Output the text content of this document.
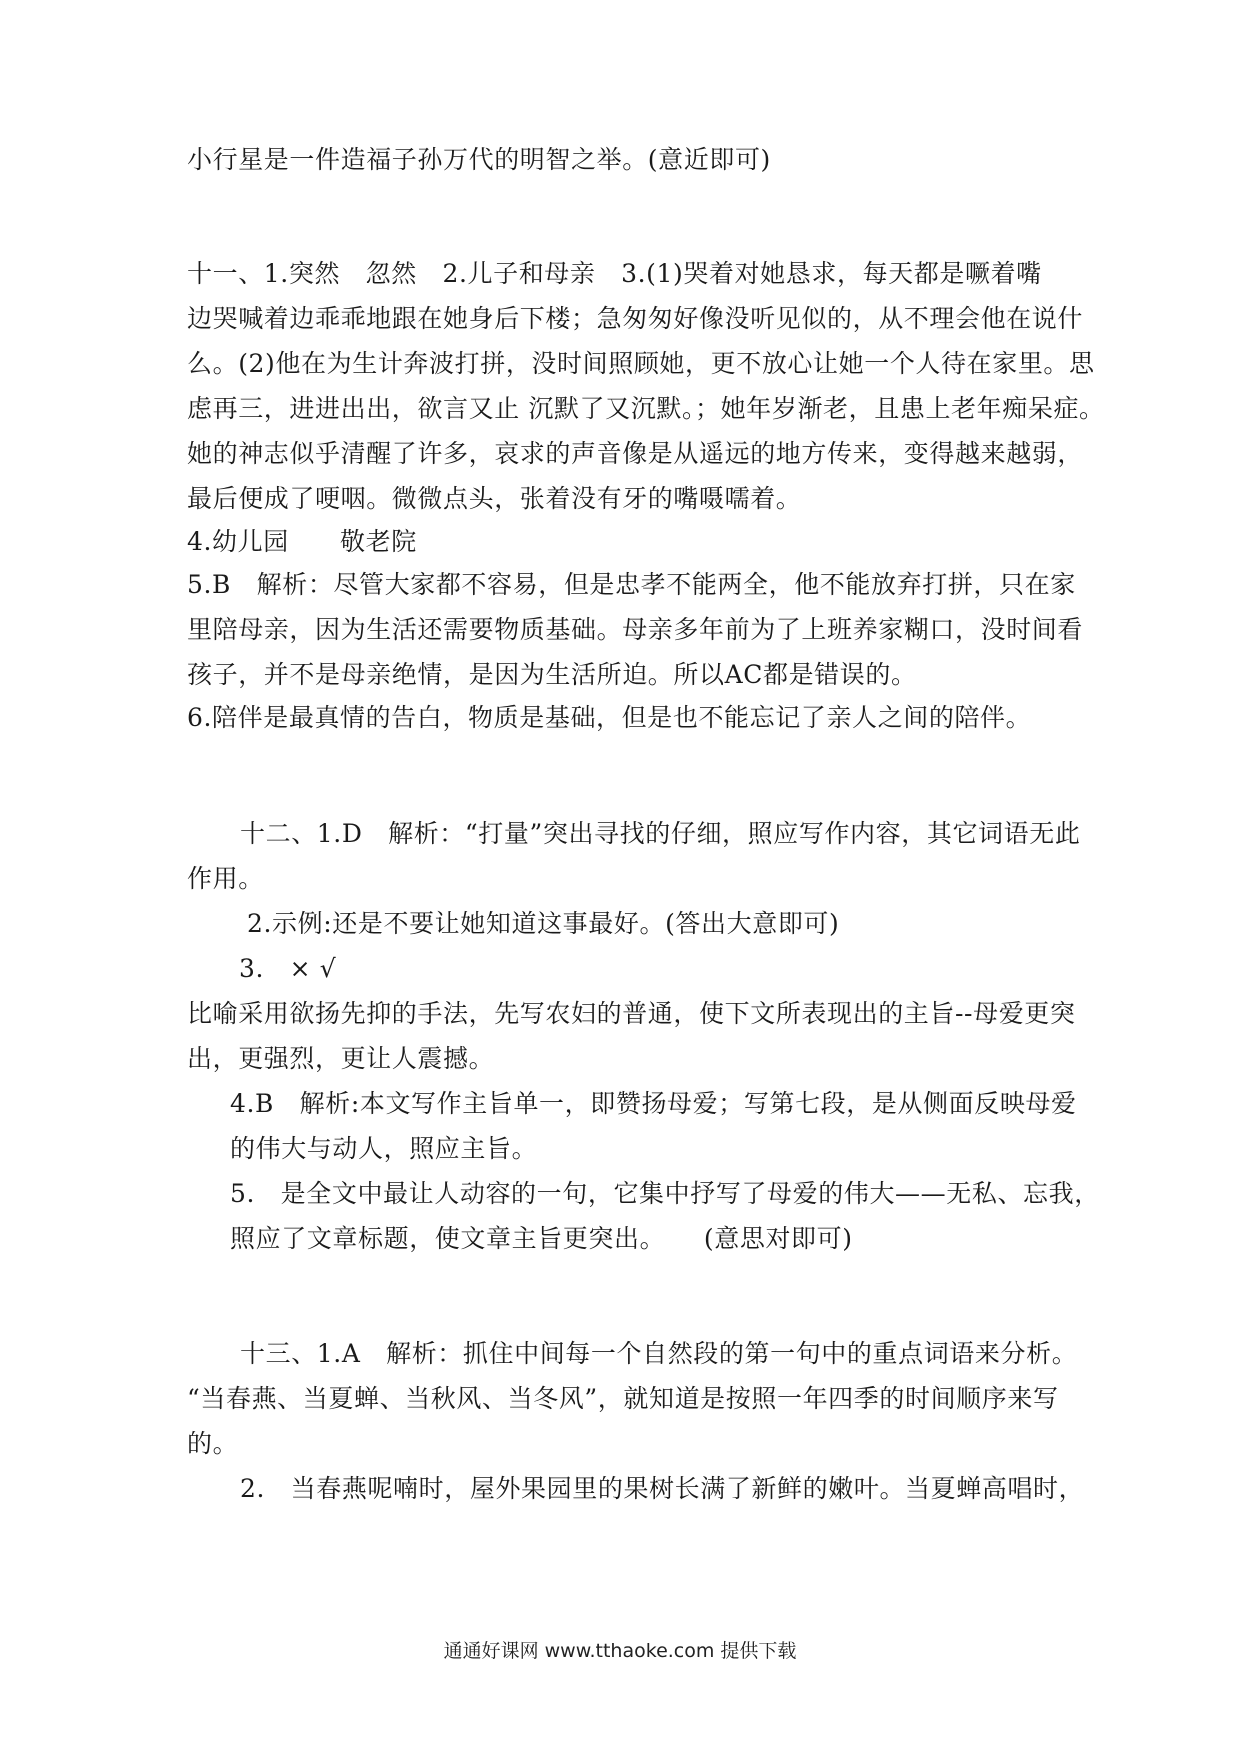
小行星是一件造福子孙万代的明智之举。(意近即可)
十一、1.突然　忽然　2.儿子和母亲　3.(1)哭着对她恳求，每天都是噘着嘴
边哭喊着边乖乖地跟在她身后下楼；急匆匆好像没听见似的，从不理会他在说什
么。(2)他在为生计奔波打拼，没时间照顾她，更不放心让她一个人待在家里。思
虑再三，进进出出，欲言又止 沉默了又沉默。；她年岁渐老，且患上老年痴呆症。
她的神志似乎清醒了许多，哀求的声音像是从遥远的地方传来，变得越来越弱，
最后便成了哽咽。微微点头，张着没有牙的嘴嗫嚅着。
4.幼儿园　　敬老院
5.B　解析：尽管大家都不容易，但是忠孝不能两全，他不能放弃打拼，只在家
里陪母亲，因为生活还需要物质基础。母亲多年前为了上班养家糊口，没时间看
孩子，并不是母亲绝情，是因为生活所迫。所以AC都是错误的。
6.陪伴是最真情的告白，物质是基础，但是也不能忘记了亲人之间的陪伴。
十二、1.D　解析：“打量”突出寻找的仔细，照应写作内容，其它词语无此
作用。
2.示例:还是不要让她知道这事最好。(答出大意即可)
3.　× √
比喻采用欲扬先抑的手法，先写农妇的普通，使下文所表现出的主旨--母爱更突
出，更强烈，更让人震撼。
4.B　解析:本文写作主旨单一，即赞扬母爱；写第七段，是从侧面反映母爱
的伟大与动人，照应主旨。
5.　是全文中最让人动容的一句，它集中抒写了母爱的伟大——无私、忘我，
照应了文章标题，使文章主旨更突出。　　(意思对即可)
十三、1.A　解析：抓住中间每一个自然段的第一句中的重点词语来分析。
“当春燕、当夏蝉、当秋风、当冬风”，就知道是按照一年四季的时间顺序来写
的。
2.　当春燕呢喃时，屋外果园里的果树长满了新鲜的嫩叶。当夏蝉高唱时，
通通好课网 www.tthaoke.com 提供下载
